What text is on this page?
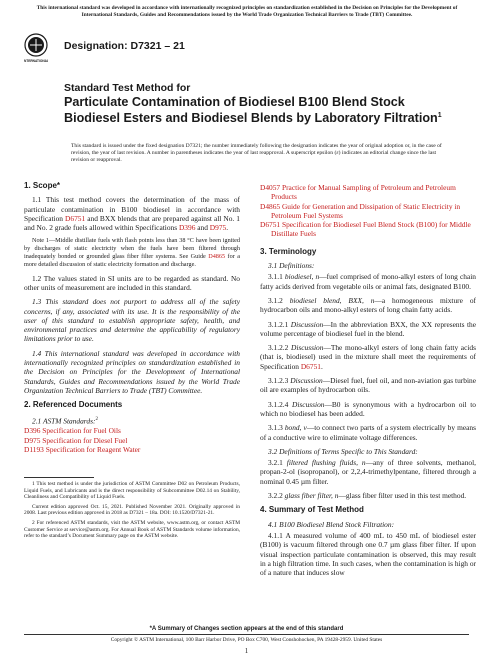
This international standard was developed in accordance with internationally recognized principles on standardization established in the Decision on Principles for the Development of International Standards, Guides and Recommendations issued by the World Trade Organization Technical Barriers to Trade (TBT) Committee.
INTERNATIONAL
Designation: D7321 – 21
Standard Test Method for
Particulate Contamination of Biodiesel B100 Blend Stock Biodiesel Esters and Biodiesel Blends by Laboratory Filtration$^1$
This standard is issued under the fixed designation D7321; the number immediately following the designation indicates the year of original adoption or, in the case of revision, the year of last revision. A number in parentheses indicates the year of last reapproval. A superscript epsilon (ε) indicates an editorial change since the last revision or reapproval.
1. Scope*

1.1 This test method covers the determination of the mass of particulate contamination in B100 biodiesel in accordance with Specification D6751 and BXX blends that are prepared against all No. 1 and No. 2 grade fuels allowed within Specifications D396 and D975.

Note 1—Middle distillate fuels with flash points less than 38 °C have been ignited by discharges of static electricity when the fuels have been filtered through inadequately bonded or grounded glass fiber filter systems. See Guide D4865 for a more detailed discussion of static electricity formation and discharge.

1.2 The values stated in SI units are to be regarded as standard. No other units of measurement are included in this standard.

1.3 This standard does not purport to address all of the safety concerns, if any, associated with its use. It is the responsibility of the user of this standard to establish appropriate safety, health, and environmental practices and determine the applicability of regulatory limitations prior to use.

1.4 This international standard was developed in accordance with internationally recognized principles on standardization established in the Decision on Principles for the Development of International Standards, Guides and Recommendations issued by the World Trade Organization Technical Barriers to Trade (TBT) Committee.

2. Referenced Documents

2.1 ASTM Standards:$^2$

D396 Specification for Fuel Oils
D975 Specification for Diesel Fuel
D1193 Specification for Reagent Water

1 This test method is under the jurisdiction of ASTM Committee D02 on Petroleum Products, Liquid Fuels, and Lubricants and is the direct responsibility of Subcommittee D02.14 on Stability, Cleanliness and Compatibility of Liquid Fuels.

Current edition approved Oct. 15, 2021. Published November 2021. Originally approved in 2008. Last previous edition approved in 2018 as D7321 – 18a. DOI: 10.1520/D7321-21.

2 For referenced ASTM standards, visit the ASTM website, www.astm.org, or contact ASTM Customer Service at service@astm.org. For Annual Book of ASTM Standards volume information, refer to the standard’s Document Summary page on the ASTM website.

D4057 Practice for Manual Sampling of Petroleum and Petroleum Products
D4865 Guide for Generation and Dissipation of Static Electricity in Petroleum Fuel Systems
D6751 Specification for Biodiesel Fuel Blend Stock (B100) for Middle Distillate Fuels
3. Terminology

3.1 Definitions:

3.1.1 biodiesel, n—fuel comprised of mono-alkyl esters of long chain fatty acids derived from vegetable oils or animal fats, designated B100.

3.1.2 biodiesel blend, BXX, n—a homogeneous mixture of hydrocarbon oils and mono-alkyl esters of long chain fatty acids.

3.1.2.1 Discussion—In the abbreviation BXX, the XX represents the volume percentage of biodiesel fuel in the blend.

3.1.2.2 Discussion—The mono-alkyl esters of long chain fatty acids (that is, biodiesel) used in the mixture shall meet the requirements of Specification D6751.

3.1.2.3 Discussion—Diesel fuel, fuel oil, and non-aviation gas turbine oil are examples of hydrocarbon oils.

3.1.2.4 Discussion—B0 is synonymous with a hydrocarbon oil to which no biodiesel has been added.

3.1.3 bond, v—to connect two parts of a system electrically by means of a conductive wire to eliminate voltage differences.

3.2 Definitions of Terms Specific to This Standard:

3.2.1 filtered flushing fluids, n—any of three solvents, methanol, propan-2-ol (isopropanol), or 2,2,4-trimethylpentane, filtered through a nominal 0.45 µm filter.

3.2.2 glass fiber filter, n—glass fiber filter used in this test method.

4. Summary of Test Method

4.1 B100 Biodiesel Blend Stock Filtration:

4.1.1 A measured volume of 400 mL to 450 mL of biodiesel ester (B100) is vacuum filtered through one 0.7 µm glass fiber filter. If upon visual inspection particulate contamination is observed, this may result in a high filtration time. In such cases, when the contamination is high or of a nature that induces slow

*A Summary of Changes section appears at the end of this standard
Copyright © ASTM International, 100 Barr Harbor Drive, PO Box C700, West Conshohocken, PA 19428-2959. United States
1
